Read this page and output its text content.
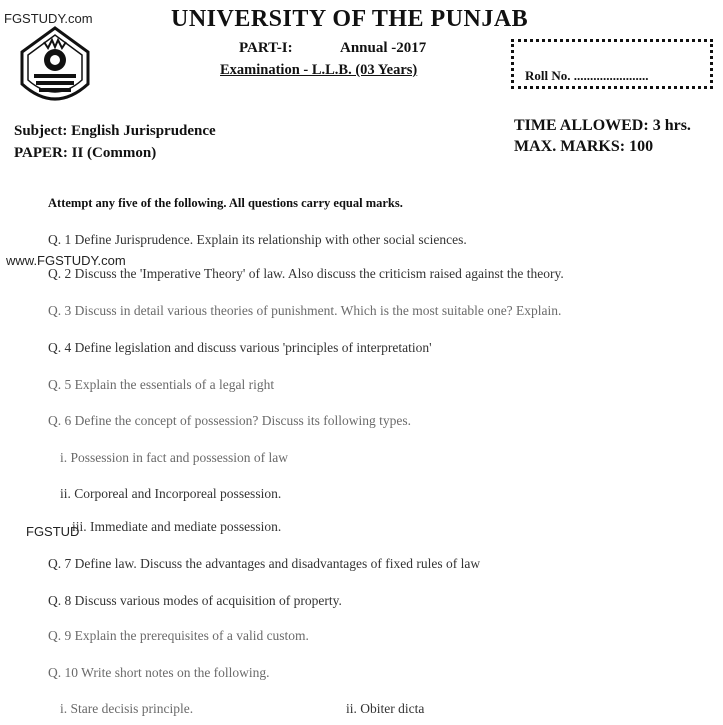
FGSTUDY.com
www.FGSTUDY.com
FGSTUD
UNIVERSITY OF THE PUNJAB
PART-I:	Annual -2017
Examination - L.L.B. (03 Years)	Roll No. .......................
Subject: English Jurisprudence
PAPER: II (Common)
TIME ALLOWED: 3 hrs.
MAX. MARKS: 100
Attempt any five of the following. All questions carry equal marks.
Q. 1 Define Jurisprudence. Explain its relationship with other social sciences.
Q. 2 Discuss the 'Imperative Theory' of law. Also discuss the criticism raised against the theory.
Q. 3 Discuss in detail various theories of punishment. Which is the most suitable one? Explain.
Q. 4 Define legislation and discuss various 'principles of interpretation'
Q. 5 Explain the essentials of a legal right
Q. 6 Define the concept of possession? Discuss its following types.
i. Possession in fact and possession of law
ii. Corporeal and Incorporeal possession.
iii. Immediate and mediate possession.
Q. 7 Define law. Discuss the advantages and disadvantages of fixed rules of law
Q. 8 Discuss various modes of acquisition of property.
Q. 9 Explain the prerequisites of a valid custom.
Q. 10 Write short notes on the following.
i. Stare decisis principle.	ii. Obiter dicta
